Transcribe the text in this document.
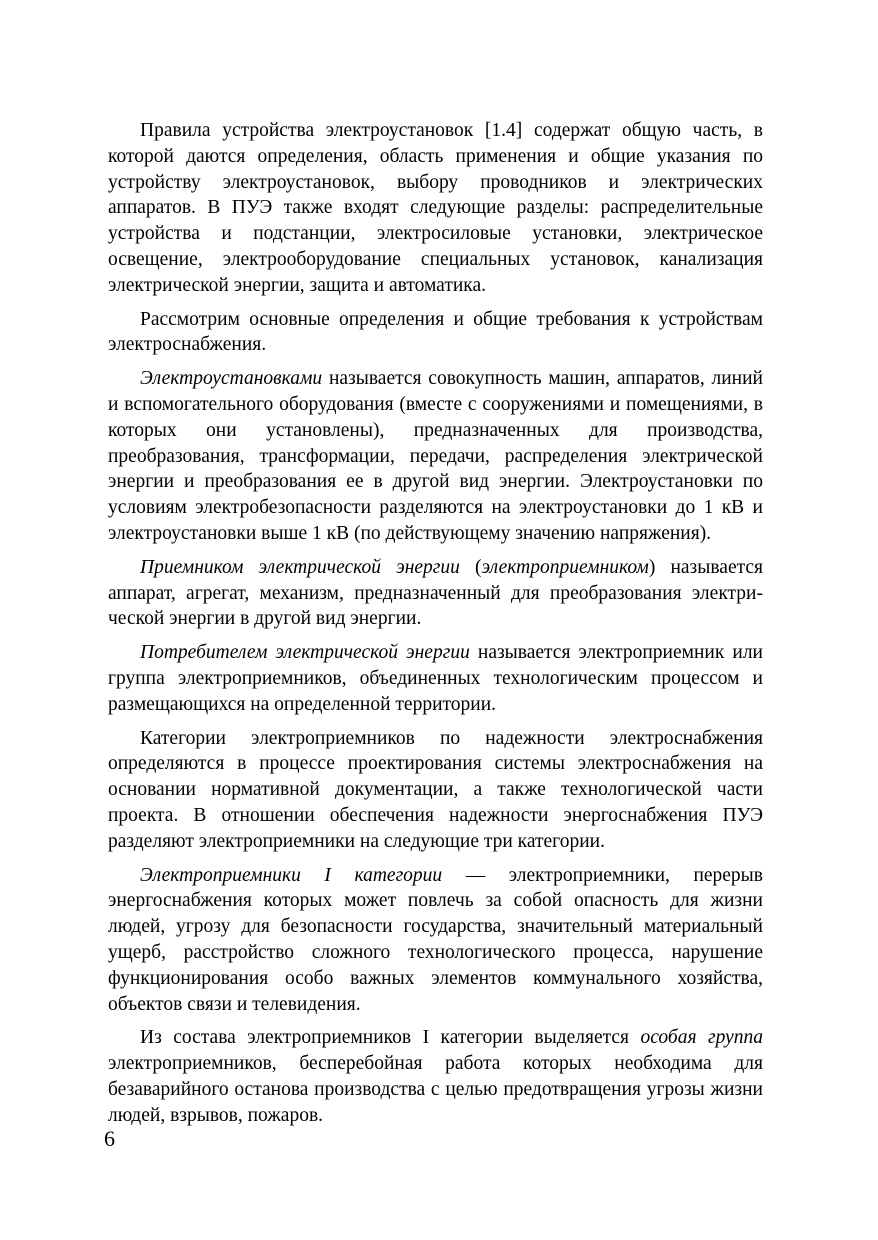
Правила устройства электроустановок [1.4] содержат общую часть, в которой даются определения, область применения и общие указания по устройству электроустановок, выбору проводников и электрических аппаратов. В ПУЭ также входят следующие разделы: распределительные устройства и подстанции, электросиловые установки, электрическое освещение, электрооборудование специальных установок, канализация электрической энергии, защита и автоматика.

Рассмотрим основные определения и общие требования к устройствам электроснабжения.

Электроустановками называется совокупность машин, аппаратов, линий и вспомогательного оборудования (вместе с сооружениями и помещениями, в которых они установлены), предназначенных для производства, преобразования, трансформации, передачи, распределения электрической энергии и преобразования ее в другой вид энергии. Электроустановки по условиям электробезопасности разделяются на электроустановки до 1 кВ и электроустановки выше 1 кВ (по действующему значению напряжения).

Приемником электрической энергии (электроприемником) называется аппарат, агрегат, механизм, предназначенный для преобразования электрической энергии в другой вид энергии.

Потребителем электрической энергии называется электроприемник или группа электроприемников, объединенных технологическим процессом и размещающихся на определенной территории.

Категории электроприемников по надежности электроснабжения определяются в процессе проектирования системы электроснабжения на основании нормативной документации, а также технологической части проекта. В отношении обеспечения надежности энергоснабжения ПУЭ разделяют электроприемники на следующие три категории.

Электроприемники I категории — электроприемники, перерыв энергоснабжения которых может повлечь за собой опасность для жизни людей, угрозу для безопасности государства, значительный материальный ущерб, расстройство сложного технологического процесса, нарушение функционирования особо важных элементов коммунального хозяйства, объектов связи и телевидения.

Из состава электроприемников I категории выделяется особая группа электроприемников, бесперебойная работа которых необходима для безаварийного останова производства с целью предотвращения угрозы жизни людей, взрывов, пожаров.

6
